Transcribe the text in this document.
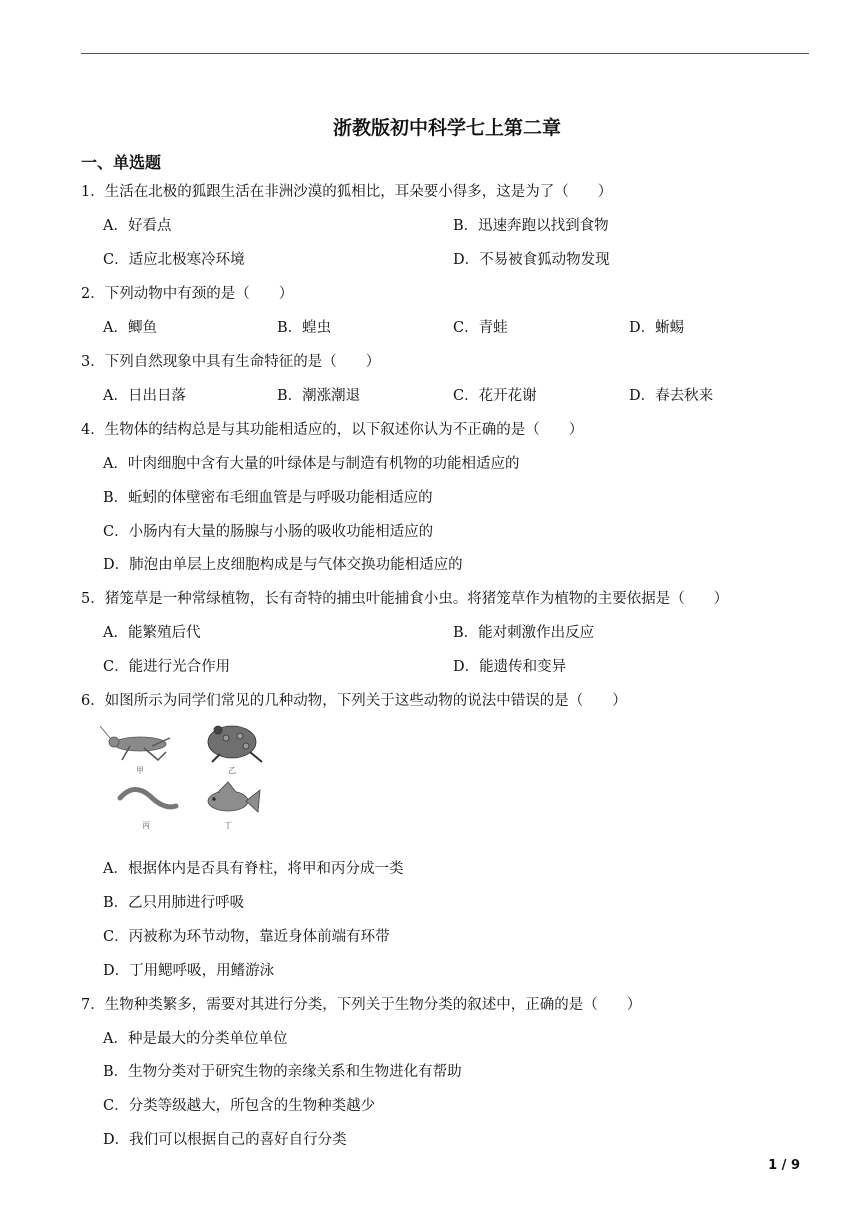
浙教版初中科学七上第二章
一、单选题
1．生活在北极的狐跟生活在非洲沙漠的狐相比，耳朵要小得多，这是为了（　　）
A．好看点	B．迅速奔跑以找到食物
C．适应北极寒冷环境	D．不易被食狐动物发现
2．下列动物中有颈的是（　　）
A．鲫鱼	B．蝗虫	C．青蛙	D．蜥蜴
3．下列自然现象中具有生命特征的是（　　）
A．日出日落	B．潮涨潮退	C．花开花谢	D．春去秋来
4．生物体的结构总是与其功能相适应的，以下叙述你认为不正确的是（　　）
A．叶肉细胞中含有大量的叶绿体是与制造有机物的功能相适应的
B．蚯蚓的体壁密布毛细血管是与呼吸功能相适应的
C．小肠内有大量的肠腺与小肠的吸收功能相适应的
D．肺泡由单层上皮细胞构成是与气体交换功能相适应的
5．猪笼草是一种常绿植物，长有奇特的捕虫叶能捕食小虫。将猪笼草作为植物的主要依据是（　　）
A．能繁殖后代	B．能对刺激作出反应
C．能进行光合作用	D．能遗传和变异
6．如图所示为同学们常见的几种动物，下列关于这些动物的说法中错误的是（　　）
甲	乙
丙	丁
A．根据体内是否具有脊柱，将甲和丙分成一类
B．乙只用肺进行呼吸
C．丙被称为环节动物，靠近身体前端有环带
D．丁用鳃呼吸，用鳍游泳
7．生物种类繁多，需要对其进行分类，下列关于生物分类的叙述中，正确的是（　　）
A．种是最大的分类单位单位
B．生物分类对于研究生物的亲缘关系和生物进化有帮助
C．分类等级越大，所包含的生物种类越少
D．我们可以根据自己的喜好自行分类
1 / 9
